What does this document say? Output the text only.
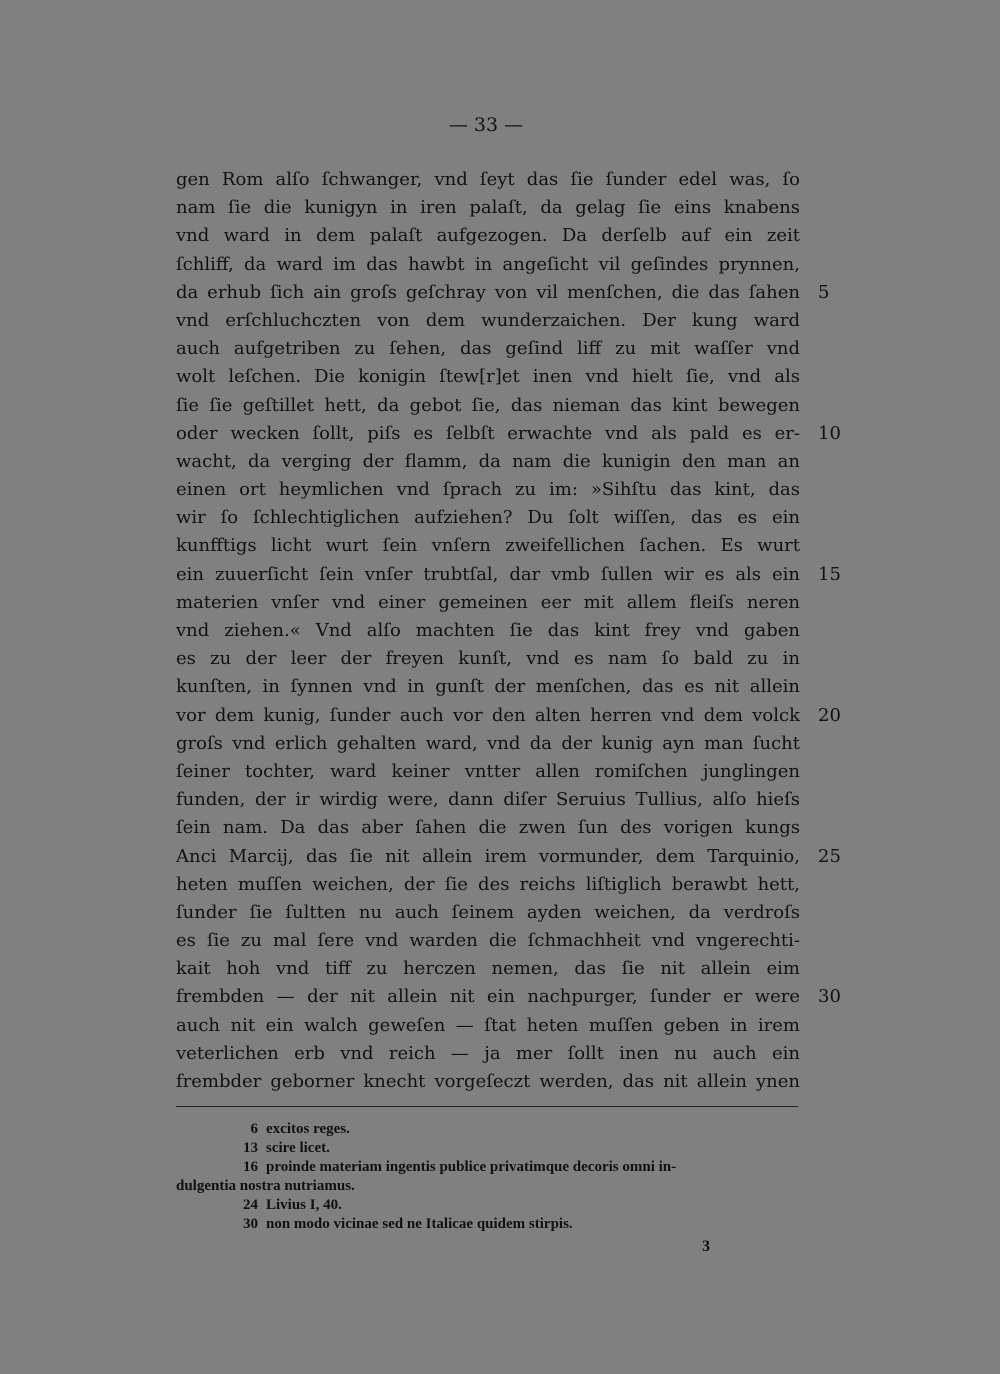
— 33 —
gen Rom alſo ſchwanger, vnd ſeyt das ſie ſunder edel was, ſo
nam ſie die kunigyn in iren palaſt, da gelag ſie eins knabens
vnd ward in dem palaſt aufgezogen. Da derſelb auf ein zeit
ſchliff, da ward im das hawbt in angeſicht vil geſindes prynnen,
da erhub ſich ain groſs geſchray von vil menſchen, die das ſahen 5
vnd erſchluchczten von dem wunderzaichen. Der kung ward
auch aufgetriben zu ſehen, das geſind liff zu mit waſſer vnd
wolt leſchen. Die konigin ſtew[r]et inen vnd hielt ſie, vnd als
ſie ſie geſtillet hett, da gebot ſie, das nieman das kint bewegen
oder wecken ſollt, piſs es ſelbſt erwachte vnd als pald es er- 10
wacht, da verging der flamm, da nam die kunigin den man an
einen ort heymlichen vnd ſprach zu im: »Sihſtu das kint, das
wir ſo ſchlechtiglichen aufziehen? Du ſolt wiſſen, das es ein
kunfftigs licht wurt ſein vnſern zweifellichen ſachen. Es wurt
ein zuuerſicht ſein vnſer trubtſal, dar vmb ſullen wir es als ein 15
materien vnſer vnd einer gemeinen eer mit allem fleiſs neren
vnd ziehen.« Vnd alſo machten ſie das kint frey vnd gaben
es zu der leer der freyen kunſt, vnd es nam ſo bald zu in
kunſten, in ſynnen vnd in gunſt der menſchen, das es nit allein
vor dem kunig, ſunder auch vor den alten herren vnd dem volck 20
groſs vnd erlich gehalten ward, vnd da der kunig ayn man ſucht
ſeiner tochter, ward keiner vntter allen romiſchen junglingen
funden, der ir wirdig were, dann diſer Seruius Tullius, alſo hieſs
ſein nam. Da das aber ſahen die zwen ſun des vorigen kungs
Anci Marcij, das ſie nit allein irem vormunder, dem Tarquinio, 25
heten muſſen weichen, der ſie des reichs liſtiglich berawbt hett,
ſunder ſie ſultten nu auch ſeinem ayden weichen, da verdroſs
es ſie zu mal ſere vnd warden die ſchmachheit vnd vngerechti-
kait hoh vnd tiff zu herczen nemen, das ſie nit allein eim
frembden — der nit allein nit ein nachpurger, ſunder er were 30
auch nit ein walch geweſen — ſtat heten muſſen geben in irem
veterlichen erb vnd reich — ja mer ſollt inen nu auch ein
frembder geborner knecht vorgeſeczt werden, das nit allein ynen
6 excitos reges.
13 scire licet.
16 proinde materiam ingentis publice privatimque decoris omni in-
dulgentia nostra nutriamus.
24 Livius I, 40.
30 non modo vicinae sed ne Italicae quidem stirpis.
3
